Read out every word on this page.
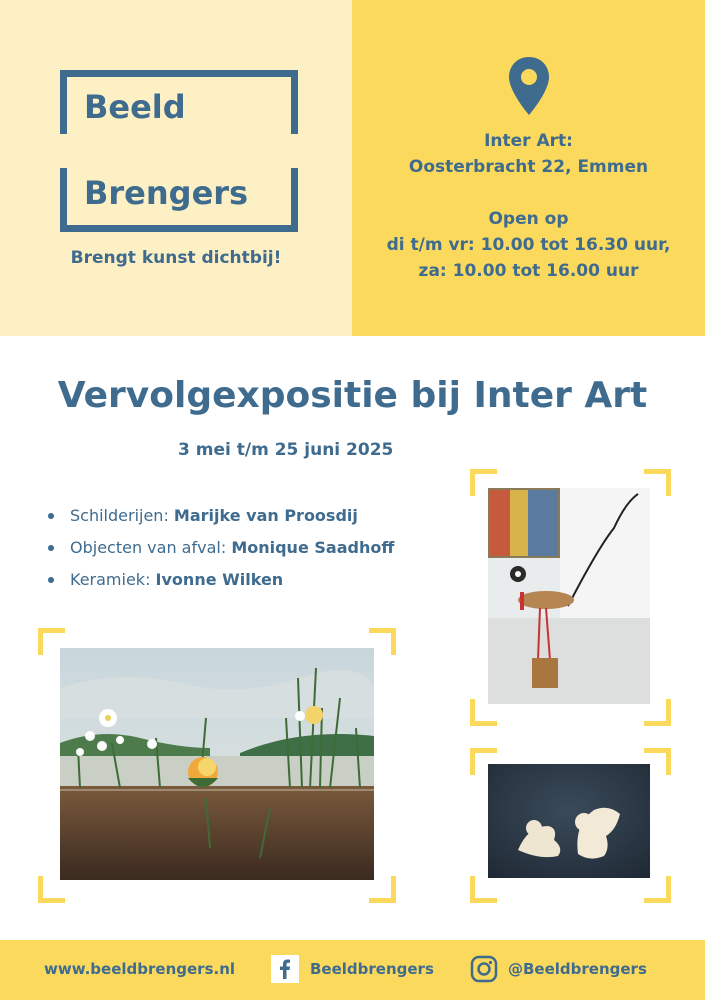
Beeld
Brengers
Brengt kunst dichtbij!
Inter Art:
Oosterbracht 22, Emmen
Open op
di t/m vr: 10.00 tot 16.30 uur,
za: 10.00 tot 16.00 uur
Vervolgexpositie bij Inter Art
3 mei t/m 25 juni 2025
Schilderijen: Marijke van Proosdij
Objecten van afval: Monique Saadhoff
Keramiek: Ivonne Wilken
www.beeldbrengers.nl	Beeldbrengers	@Beeldbrengers
